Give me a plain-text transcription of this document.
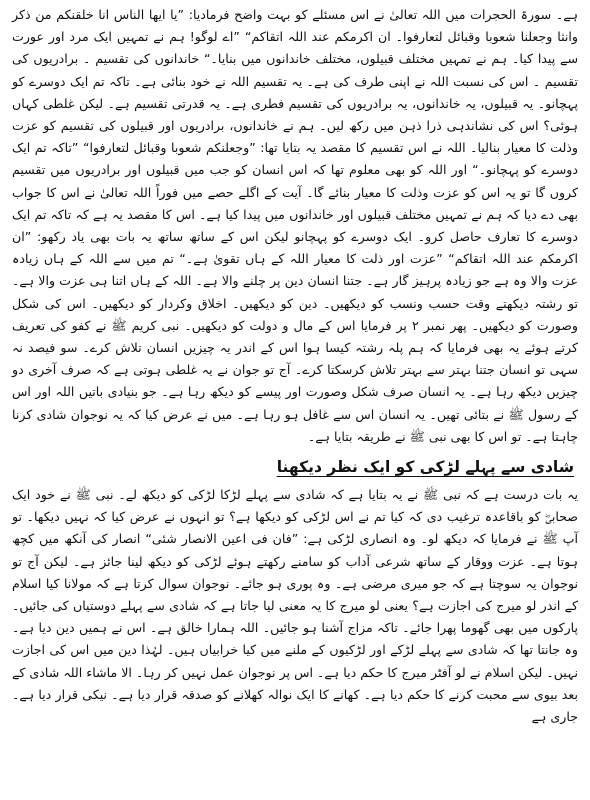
ہے۔ سورۃ الحجرات میں اللہ تعالیٰ نے اس مسئلے کو بہت واضح فرمادیا: ”یا ایھا الناس انا خلقنکم من ذکر وانثا وجعلنا شعوبا وقبائل لتعارفوا۔ ان اکرمکم عند اللہ اتقاکم“ ”اے لوگو! ہم نے تمہیں ایک مرد اور عورت سے پیدا کیا۔ ہم نے تمہیں مختلف قبیلوں، مختلف خاندانوں میں بنایا۔“ خاندانوں کی تقسیم ۔ برادریوں کی تقسیم ۔ اس کی نسبت اللہ نے اپنی طرف کی ہے۔ یہ تقسیم اللہ نے خود بنائی ہے۔ تاکہ تم ایک دوسرے کو پہچانو۔ یہ قبیلوں، یہ خاندانوں، یہ برادریوں کی تقسیم فطری ہے۔ یہ قدرتی تقسیم ہے۔ لیکن غلطی کہاں ہوئی؟ اس کی نشاندہی ذرا ذہن میں رکھ لیں۔ ہم نے خاندانوں، برادریوں اور قبیلوں کی تقسیم کو عزت وذلت کا معیار بنالیا۔ اللہ نے اس تقسیم کا مقصد یہ بتایا تھا: ”وجعلنکم شعوبا وقبائل لتعارفوا“ ”تاکہ تم ایک دوسرے کو پہچانو۔“ اور اللہ کو بھی معلوم تھا کہ اس انسان کو جب میں قبیلوں اور برادریوں میں تقسیم کروں گا تو یہ اس کو عزت وذلت کا معیار بنائے گا۔ آیت کے اگلے حصے میں فوراً اللہ تعالیٰ نے اس کا جواب بھی دے دیا کہ ہم نے تمہیں مختلف قبیلوں اور خاندانوں میں پیدا کیا ہے۔ اس کا مقصد یہ ہے کہ تاکہ تم ایک دوسرے کا تعارف حاصل کرو۔ ایک دوسرے کو پہچانو لیکن اس کے ساتھ ساتھ یہ بات بھی یاد رکھو: ”ان اکرمکم عند اللہ اتقاکم“ ”عزت اور ذلت کا معیار اللہ کے ہاں تقویٰ ہے۔“ تم میں سے اللہ کے ہاں زیادہ عزت والا وہ ہے جو زیادہ پرہیز گار ہے۔ جتنا انسان دین پر چلنے والا ہے۔ اللہ کے ہاں اتنا ہی عزت والا ہے۔ تو رشتہ دیکھتے وقت حسب ونسب کو دیکھیں۔ دین کو دیکھیں۔ اخلاق وکردار کو دیکھیں۔ اس کی شکل وصورت کو دیکھیں۔ پھر نمبر ۲ پر فرمایا اس کے مال و دولت کو دیکھیں۔ نبی کریم ﷺ نے کفو کی تعریف کرتے ہوئے یہ بھی فرمایا کہ ہم پلہ رشتہ کیسا ہوا اس کے اندر یہ چیزیں انسان تلاش کرے۔ سو فیصد نہ سہی تو انسان جتنا بہتر سے بہتر تلاش کرسکتا کرے۔ آج تو جوان نے یہ غلطی ہوتی ہے کہ صرف آخری دو چیزیں دیکھ رہا ہے۔ یہ انسان صرف شکل وصورت اور پیسے کو دیکھ رہا ہے۔ جو بنیادی باتیں اللہ اور اس کے رسول ﷺ نے بتائی تھیں۔ یہ انسان اس سے غافل ہو رہا ہے۔ میں نے عرض کیا کہ یہ نوجوان شادی کرنا چاہتا ہے۔ تو اس کا بھی نبی ﷺ نے طریقہ بتایا ہے۔

شادی سے پہلے لڑکی کو ایک نظر دیکھنا

یہ بات درست ہے کہ نبی ﷺ نے یہ بتایا ہے کہ شادی سے پہلے لڑکا لڑکی کو دیکھ لے۔ نبی ﷺ نے خود ایک صحابیؓ کو باقاعدہ ترغیب دی کہ کیا تم نے اس لڑکی کو دیکھا ہے؟ تو انہوں نے عرض کیا کہ نہیں دیکھا۔ تو آپ ﷺ نے فرمایا کہ دیکھ لو۔ وہ انصاری لڑکی ہے: ”فان فی اعین الانصار شئی“ انصار کی آنکھ میں کچھ ہوتا ہے۔ عزت ووقار کے ساتھ شرعی آداب کو سامنے رکھتے ہوئے لڑکی کو دیکھ لینا جائز ہے۔ لیکن آج تو نوجوان یہ سوچتا ہے کہ جو میری مرضی ہے۔ وہ پوری ہو جائے۔ نوجوان سوال کرتا ہے کہ مولانا کیا اسلام کے اندر لو میرج کی اجازت ہے؟ یعنی لو میرج کا یہ معنی لیا جاتا ہے کہ شادی سے پہلے دوستیاں کی جائیں۔ پارکوں میں بھی گھوما پھرا جائے۔ تاکہ مزاج آشنا ہو جائیں۔ اللہ ہمارا خالق ہے۔ اس نے ہمیں دین دیا ہے۔ وہ جانتا تھا کہ شادی سے پہلے لڑکے اور لڑکیوں کے ملنے میں کیا خرابیاں ہیں۔ لہٰذا دین میں اس کی اجازت نہیں۔ لیکن اسلام نے لو آفٹر میرج کا حکم دیا ہے۔ اس پر نوجوان عمل نہیں کر رہا۔ الا ماشاء اللہ شادی کے بعد بیوی سے محبت کرنے کا حکم دیا ہے۔ کھانے کا ایک نوالہ کھلانے کو صدقہ قرار دیا ہے۔ نیکی قرار دیا ہے۔ جاری ہے
